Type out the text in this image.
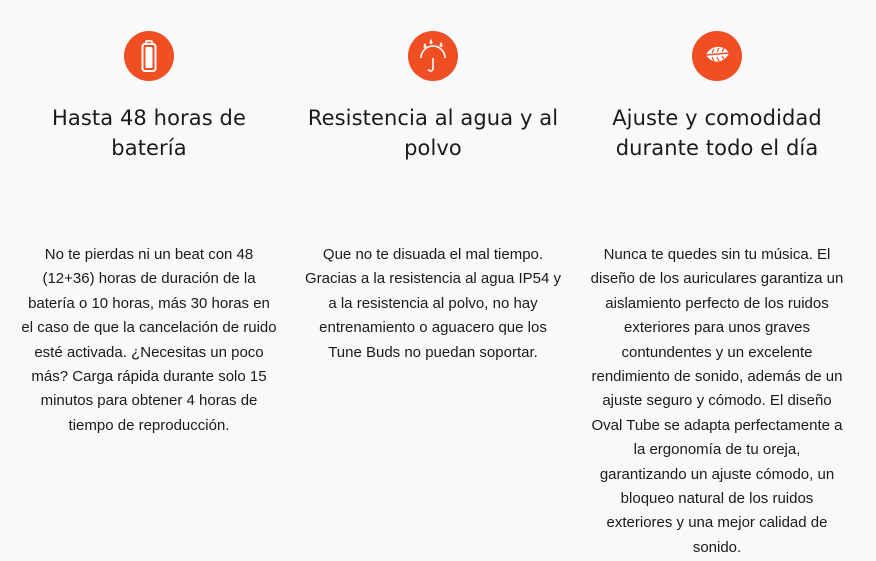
Hasta 48 horas de batería

No te pierdas ni un beat con 48 (12+36) horas de duración de la batería o 10 horas, más 30 horas en el caso de que la cancelación de ruido esté activada. ¿Necesitas un poco más? Carga rápida durante solo 15 minutos para obtener 4 horas de tiempo de reproducción.

Resistencia al agua y al polvo

Que no te disuada el mal tiempo. Gracias a la resistencia al agua IP54 y a la resistencia al polvo, no hay entrenamiento o aguacero que los Tune Buds no puedan soportar.

Ajuste y comodidad durante todo el día

Nunca te quedes sin tu música. El diseño de los auriculares garantiza un aislamiento perfecto de los ruidos exteriores para unos graves contundentes y un excelente rendimiento de sonido, además de un ajuste seguro y cómodo. El diseño Oval Tube se adapta perfectamente a la ergonomía de tu oreja, garantizando un ajuste cómodo, un bloqueo natural de los ruidos exteriores y una mejor calidad de sonido.
